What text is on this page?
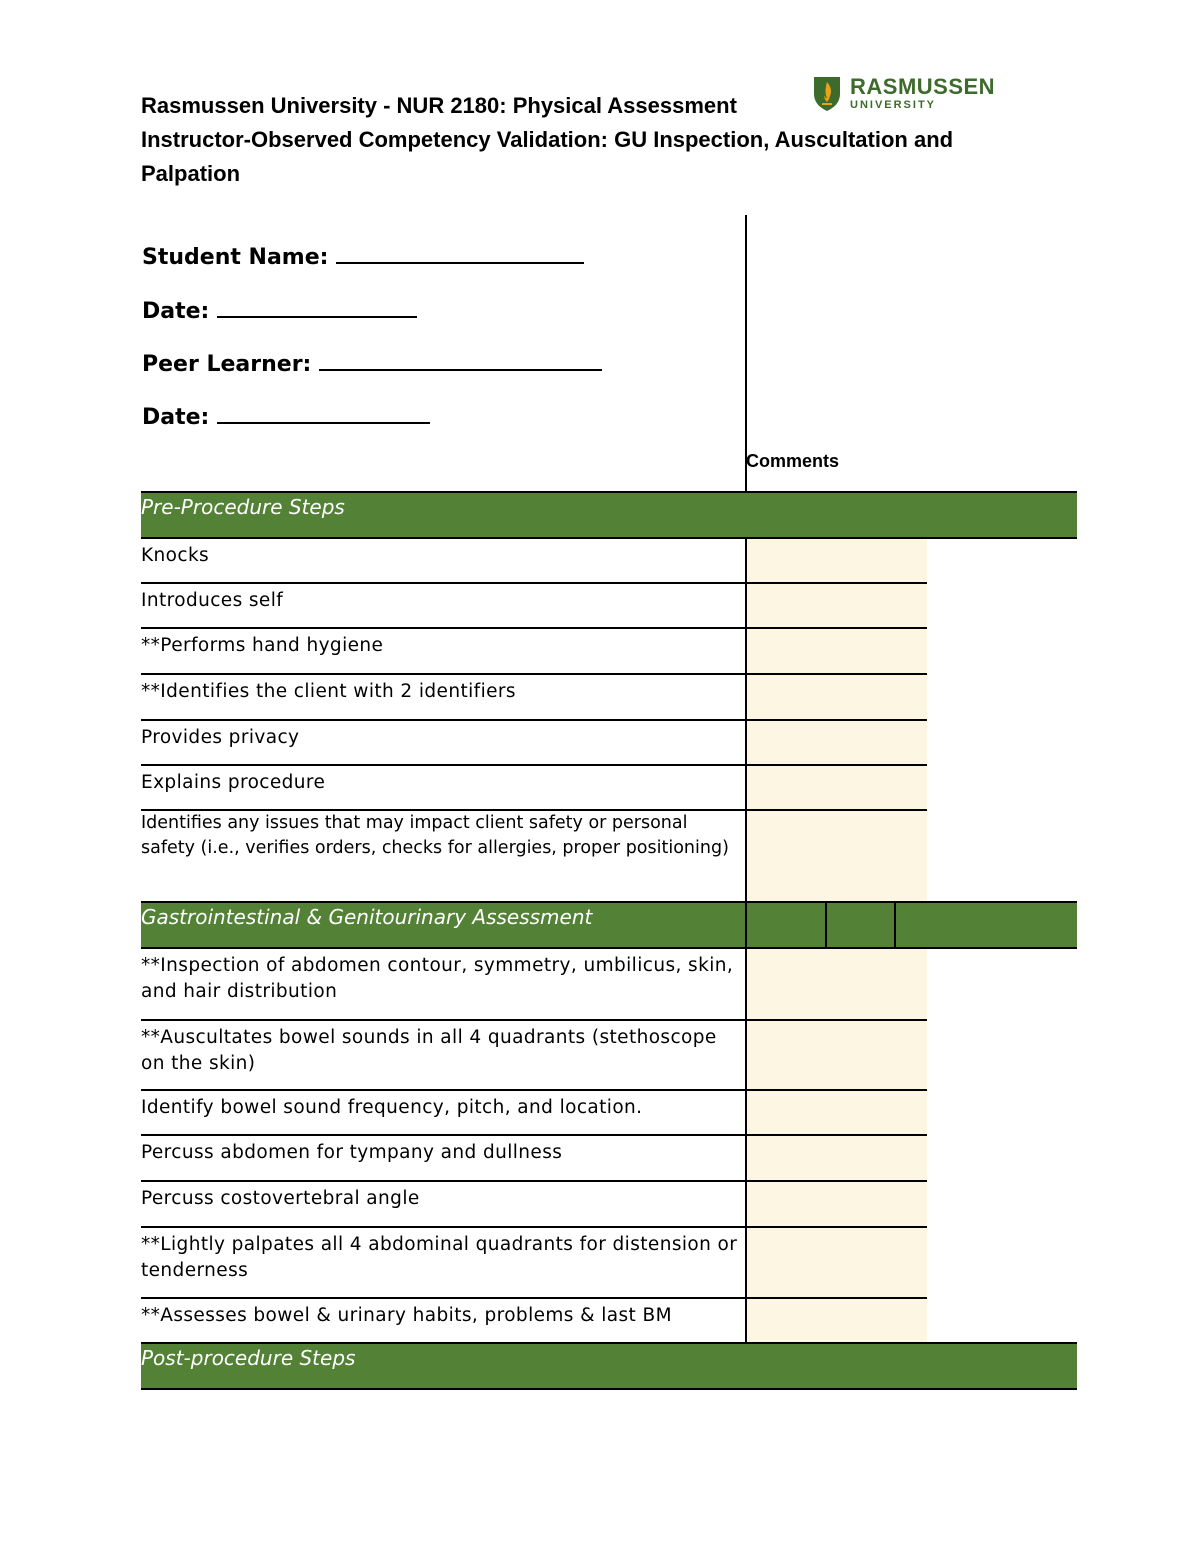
Rasmussen University - NUR 2180: Physical Assessment
Instructor-Observed Competency Validation: GU Inspection, Auscultation and
Palpation
RASMUSSEN
UNIVERSITY
Student Name:
Date:
Peer Learner:
Date:
Comments
Pre-Procedure Steps
Knocks
Introduces self
**Performs hand hygiene
**Identifies the client with 2 identifiers
Provides privacy
Explains procedure
Identifies any issues that may impact client safety or personal safety (i.e., verifies orders, checks for allergies, proper positioning)
Gastrointestinal & Genitourinary Assessment
**Inspection of abdomen contour, symmetry, umbilicus, skin, and hair distribution
**Auscultates bowel sounds in all 4 quadrants (stethoscope on the skin)
Identify bowel sound frequency, pitch, and location.
Percuss abdomen for tympany and dullness
Percuss costovertebral angle
**Lightly palpates all 4 abdominal quadrants for distension or tenderness
**Assesses bowel & urinary habits, problems & last BM
Post-procedure Steps
